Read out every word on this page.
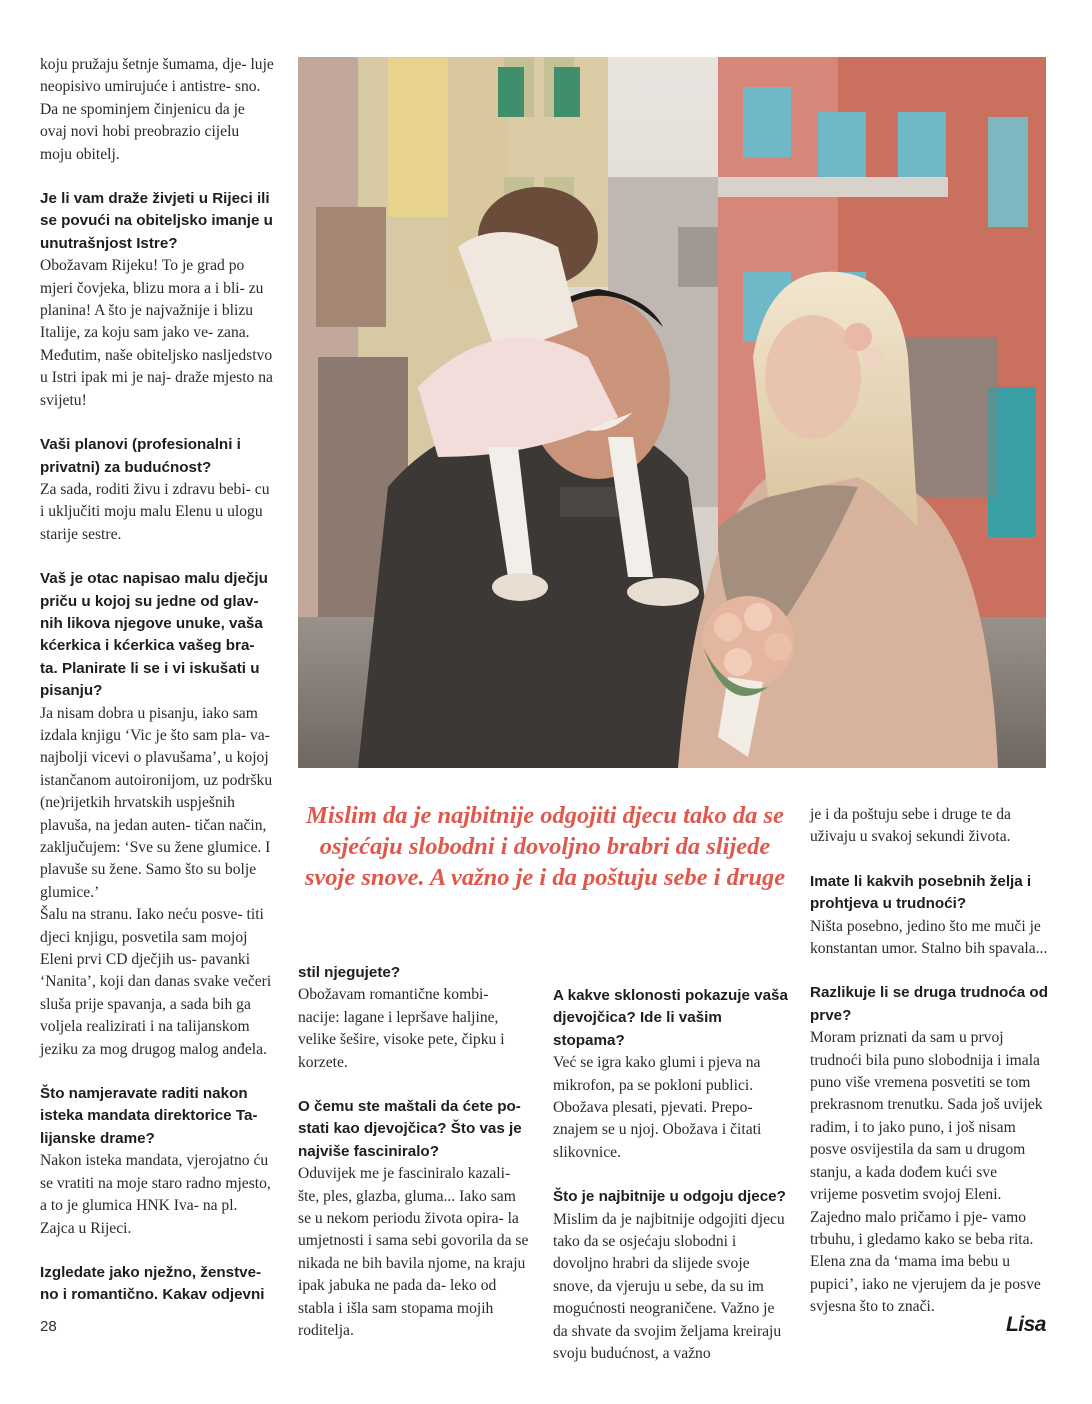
koju pružaju šetnje šumama, dje- luje neopisivo umirujuće i antistre- sno. Da ne spominjem činjenicu da je ovaj novi hobi preobrazio cijelu moju obitelj.

Je li vam draže živjeti u Rijeci ili se povući na obiteljsko imanje u unutrašnjost Istre?

Obožavam Rijeku! To je grad po mjeri čovjeka, blizu mora a i bli- zu planina! A što je najvažnije i blizu Italije, za koju sam jako ve- zana. Međutim, naše obiteljsko nasljedstvo u Istri ipak mi je naj- draže mjesto na svijetu!

Vaši planovi (profesionalni i privatni) za budućnost?

Za sada, roditi živu i zdravu bebi- cu i uključiti moju malu Elenu u ulogu starije sestre.

Vaš je otac napisao malu dječju priču u kojoj su jedne od glav- nih likova njegove unuke, vaša kćerkica i kćerkica vašeg bra- ta. Planirate li se i vi iskušati u pisanju?

Ja nisam dobra u pisanju, iako sam izdala knjigu ‘Vic je što sam pla- va-najbolji vicevi o plavušama’, u kojoj istančanom autoironijom, uz podršku (ne)rijetkih hrvatskih uspješnih plavuša, na jedan auten- tičan način, zaključujem: ‘Sve su žene glumice. I plavuše su žene. Samo što su bolje glumice.’

Šalu na stranu. Iako neću posve- titi djeci knjigu, posvetila sam mojoj Eleni prvi CD dječjih us- pavanki ‘Nanita’, koji dan danas svake večeri sluša prije spavanja, a sada bih ga voljela realizirati i na talijanskom jeziku za mog drugog malog anđela.

Što namjeravate raditi nakon isteka mandata direktorice Ta- lijanske drame?

Nakon isteka mandata, vjerojatno ću se vratiti na moje staro radno mjesto, a to je glumica HNK Iva- na pl. Zajca u Rijeci.

Izgledate jako nježno, ženstve- no i romantično. Kakav odjevni

Mislim da je najbitnije odgojiti djecu tako da se osjećaju slobodni i dovoljno brabri da slijede svoje snove. A važno je i da poštuju sebe i druge

stil njegujete?

Obožavam romantične kombi- nacije: lagane i lepršave haljine, velike šešire, visoke pete, čipku i korzete.

O čemu ste maštali da ćete po- stati kao djevojčica? Što vas je najviše fasciniralo?

Oduvijek me je fasciniralo kazali- šte, ples, glazba, gluma... Iako sam se u nekom periodu života opira- la umjetnosti i sama sebi govorila da se nikada ne bih bavila njome, na kraju ipak jabuka ne pada da- leko od stabla i išla sam stopama mojih roditelja.

A kakve sklonosti pokazuje vaša djevojčica? Ide li vašim stopama?

Već se igra kako glumi i pjeva na mikrofon, pa se pokloni publici. Obožava plesati, pjevati. Prepo- znajem se u njoj. Obožava i čitati slikovnice.

Što je najbitnije u odgoju djece?

Mislim da je najbitnije odgojiti djecu tako da se osjećaju slobodni i dovoljno hrabri da slijede svoje snove, da vjeruju u sebe, da su im mogućnosti neograničene. Važno je da shvate da svojim željama kreiraju svoju budućnost, a važno

je i da poštuju sebe i druge te da uživaju u svakoj sekundi života.

Imate li kakvih posebnih želja i prohtjeva u trudnoći?

Ništa posebno, jedino što me muči je konstantan umor. Stalno bih spavala...

Razlikuje li se druga trudnoća od prve?

Moram priznati da sam u prvoj trudnoći bila puno slobodnija i imala puno više vremena posvetiti se tom prekrasnom trenutku. Sada još uvijek radim, i to jako puno, i još nisam posve osvijestila da sam u drugom stanju, a kada dođem kući sve vrijeme posvetim svojoj Eleni. Zajedno malo pričamo i pje- vamo trbuhu, i gledamo kako se beba rita. Elena zna da ‘mama ima bebu u pupici’, iako ne vjerujem da je posve svjesna što to znači.

28	Lisa
